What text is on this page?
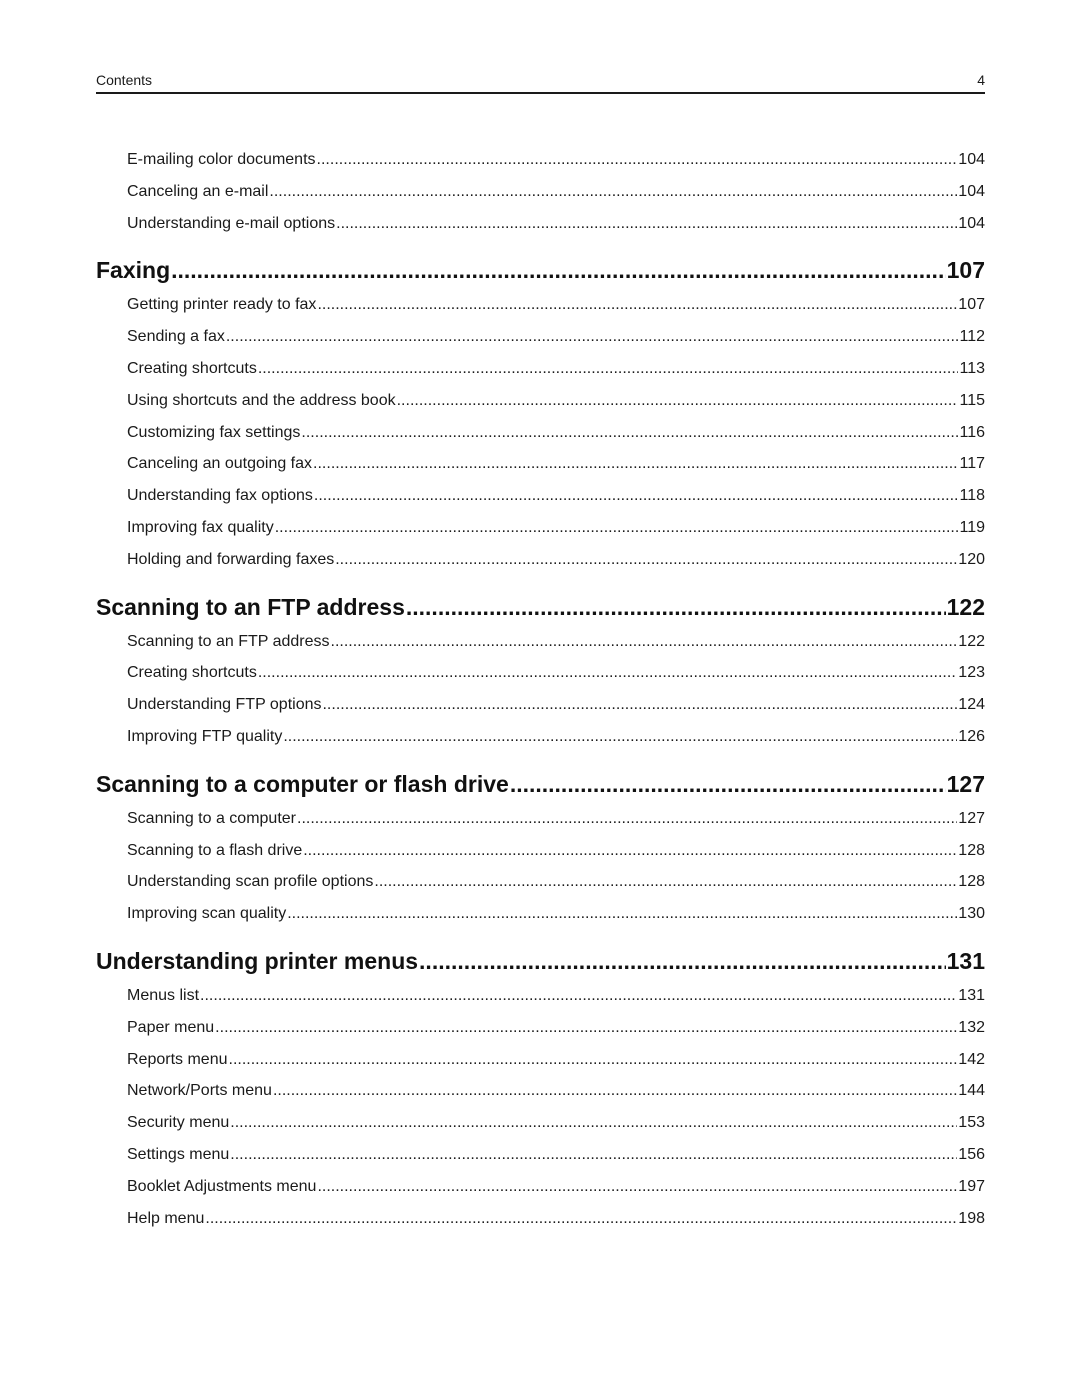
Contents	4
E-mailing color documents .....	104
Canceling an e-mail .....	104
Understanding e-mail options .....	104
Faxing .....	107
Getting printer ready to fax .....	107
Sending a fax .....	112
Creating shortcuts .....	113
Using shortcuts and the address book .....	115
Customizing fax settings .....	116
Canceling an outgoing fax .....	117
Understanding fax options .....	118
Improving fax quality .....	119
Holding and forwarding faxes .....	120
Scanning to an FTP address .....	122
Scanning to an FTP address .....	122
Creating shortcuts .....	123
Understanding FTP options .....	124
Improving FTP quality .....	126
Scanning to a computer or flash drive .....	127
Scanning to a computer .....	127
Scanning to a flash drive .....	128
Understanding scan profile options .....	128
Improving scan quality .....	130
Understanding printer menus .....	131
Menus list .....	131
Paper menu .....	132
Reports menu .....	142
Network/Ports menu .....	144
Security menu .....	153
Settings menu .....	156
Booklet Adjustments menu .....	197
Help menu .....	198
